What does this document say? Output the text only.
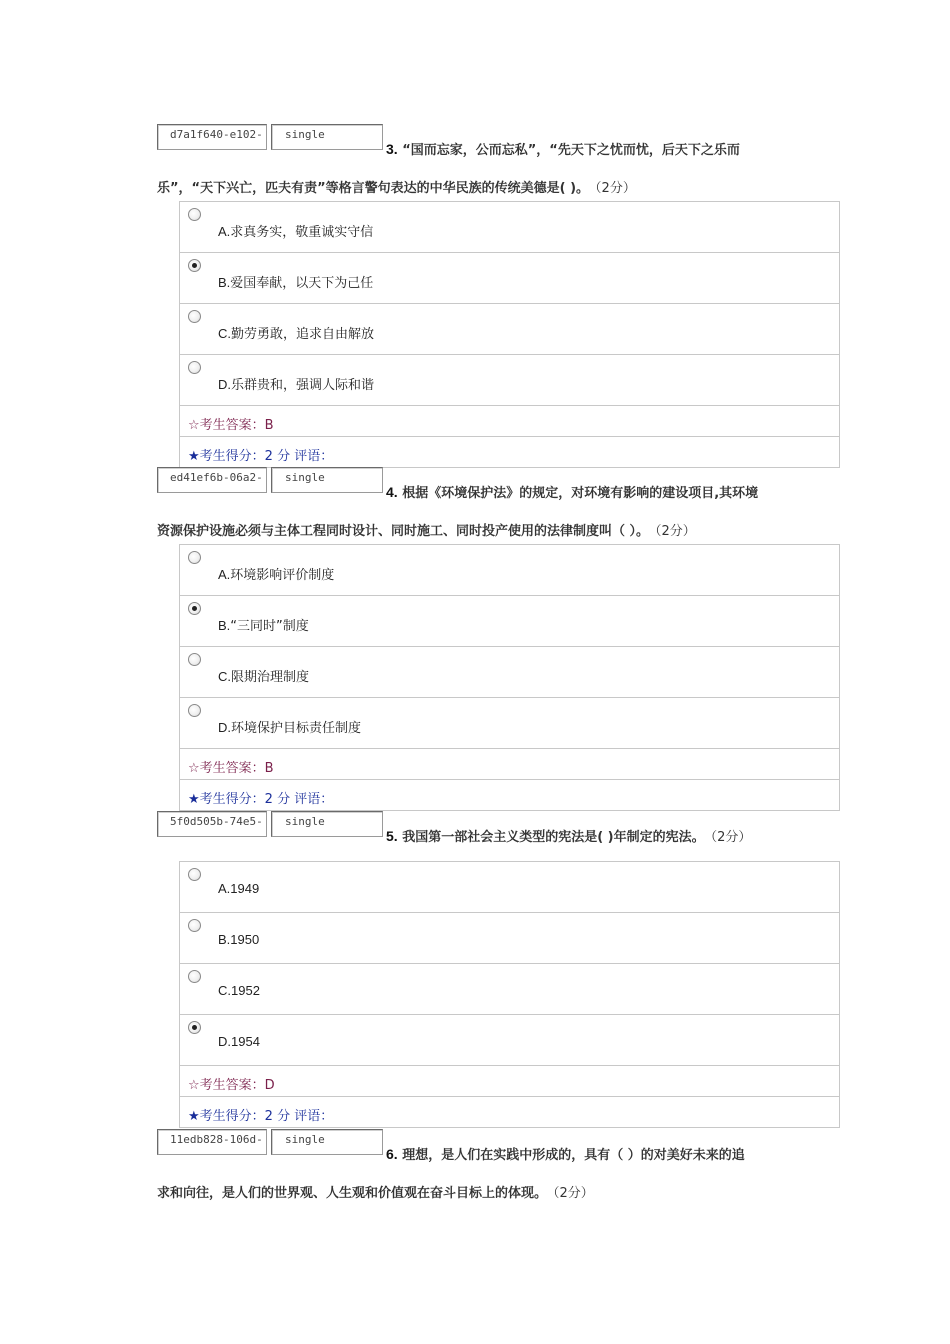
d7a1f640-e102-	single
3. “国而忘家，公而忘私”，“先天下之忧而忧，后天下之乐而
乐”，“天下兴亡，匹夫有责”等格言警句表达的中华民族的传统美德是( )。 （2分）
A.求真务实，敬重诚实守信
B.爱国奉献，以天下为己任
C.勤劳勇敢，追求自由解放
D.乐群贵和，强调人际和谐
☆考生答案：B
★考生得分：2 分 评语：
ed41ef6b-06a2-	single
4. 根据《环境保护法》的规定，对环境有影响的建设项目,其环境
资源保护设施必须与主体工程同时设计、同时施工、同时投产使用的法律制度叫（ ）。 （2分）
A.环境影响评价制度
B.“三同时”制度
C.限期治理制度
D.环境保护目标责任制度
☆考生答案：B
★考生得分：2 分 评语：
5f0d505b-74e5-	single
5. 我国第一部社会主义类型的宪法是( )年制定的宪法。 （2分）
A.1949
B.1950
C.1952
D.1954
☆考生答案：D
★考生得分：2 分 评语：
11edb828-106d-	single
6. 理想，是人们在实践中形成的，具有（ ）的对美好未来的追
求和向往，是人们的世界观、人生观和价值观在奋斗目标上的体现。 （2分）
